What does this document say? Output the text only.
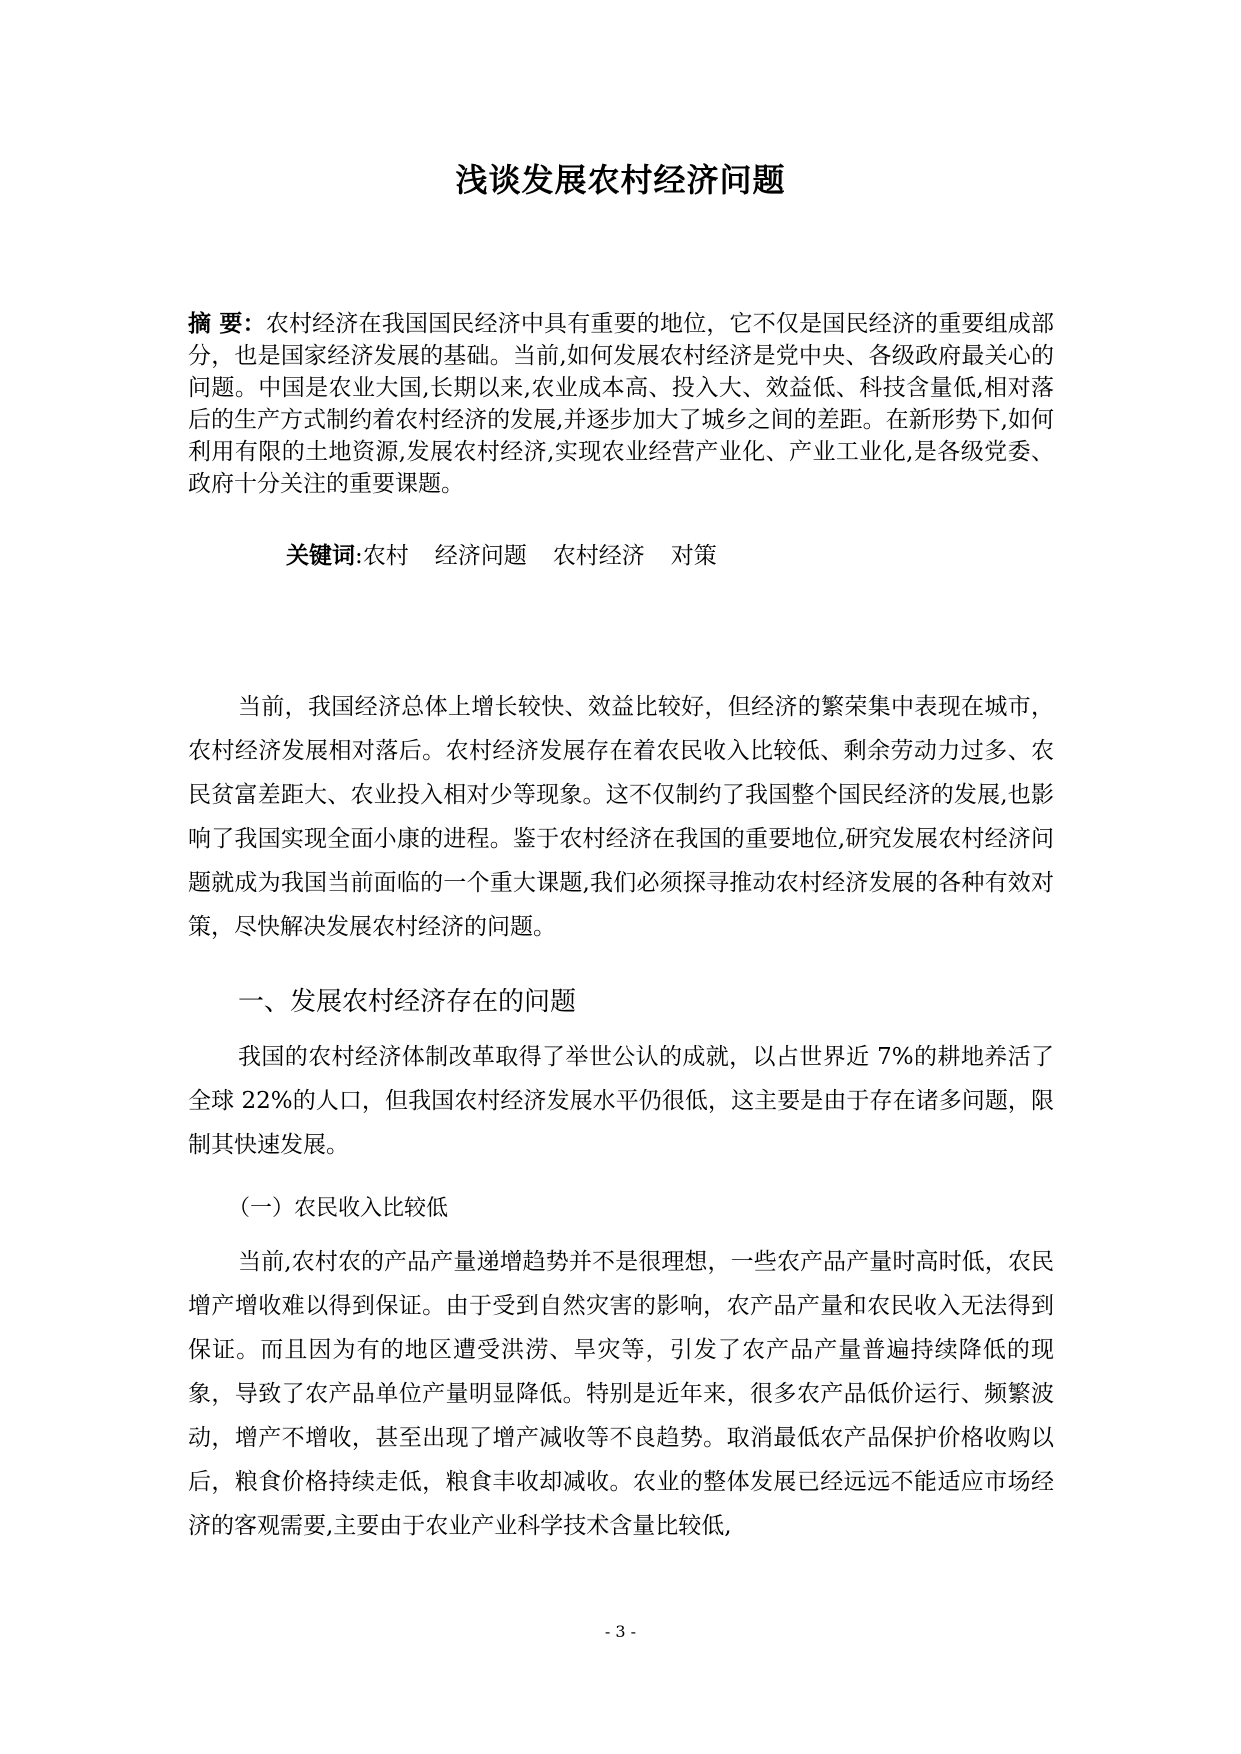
浅谈发展农村经济问题
摘 要：农村经济在我国国民经济中具有重要的地位，它不仅是国民经济的重要组成部分，也是国家经济发展的基础。当前,如何发展农村经济是党中央、各级政府最关心的问题。中国是农业大国,长期以来,农业成本高、投入大、效益低、科技含量低,相对落后的生产方式制约着农村经济的发展,并逐步加大了城乡之间的差距。在新形势下,如何利用有限的土地资源,发展农村经济,实现农业经营产业化、产业工业化,是各级党委、政府十分关注的重要课题。
关键词:农村 经济问题 农村经济 对策

当前，我国经济总体上增长较快、效益比较好，但经济的繁荣集中表现在城市，农村经济发展相对落后。农村经济发展存在着农民收入比较低、剩余劳动力过多、农民贫富差距大、农业投入相对少等现象。这不仅制约了我国整个国民经济的发展,也影响了我国实现全面小康的进程。鉴于农村经济在我国的重要地位,研究发展农村经济问题就成为我国当前面临的一个重大课题,我们必须探寻推动农村经济发展的各种有效对策，尽快解决发展农村经济的问题。

一、发展农村经济存在的问题

我国的农村经济体制改革取得了举世公认的成就，以占世界近 7%的耕地养活了全球 22%的人口，但我国农村经济发展水平仍很低，这主要是由于存在诸多问题，限制其快速发展。

（一）农民收入比较低

当前,农村农的产品产量递增趋势并不是很理想，一些农产品产量时高时低，农民增产增收难以得到保证。由于受到自然灾害的影响，农产品产量和农民收入无法得到保证。而且因为有的地区遭受洪涝、旱灾等，引发了农产品产量普遍持续降低的现象，导致了农产品单位产量明显降低。特别是近年来，很多农产品低价运行、频繁波动，增产不增收，甚至出现了增产减收等不良趋势。取消最低农产品保护价格收购以后，粮食价格持续走低，粮食丰收却减收。农业的整体发展已经远远不能适应市场经济的客观需要,主要由于农业产业科学技术含量比较低,

- 3 -
